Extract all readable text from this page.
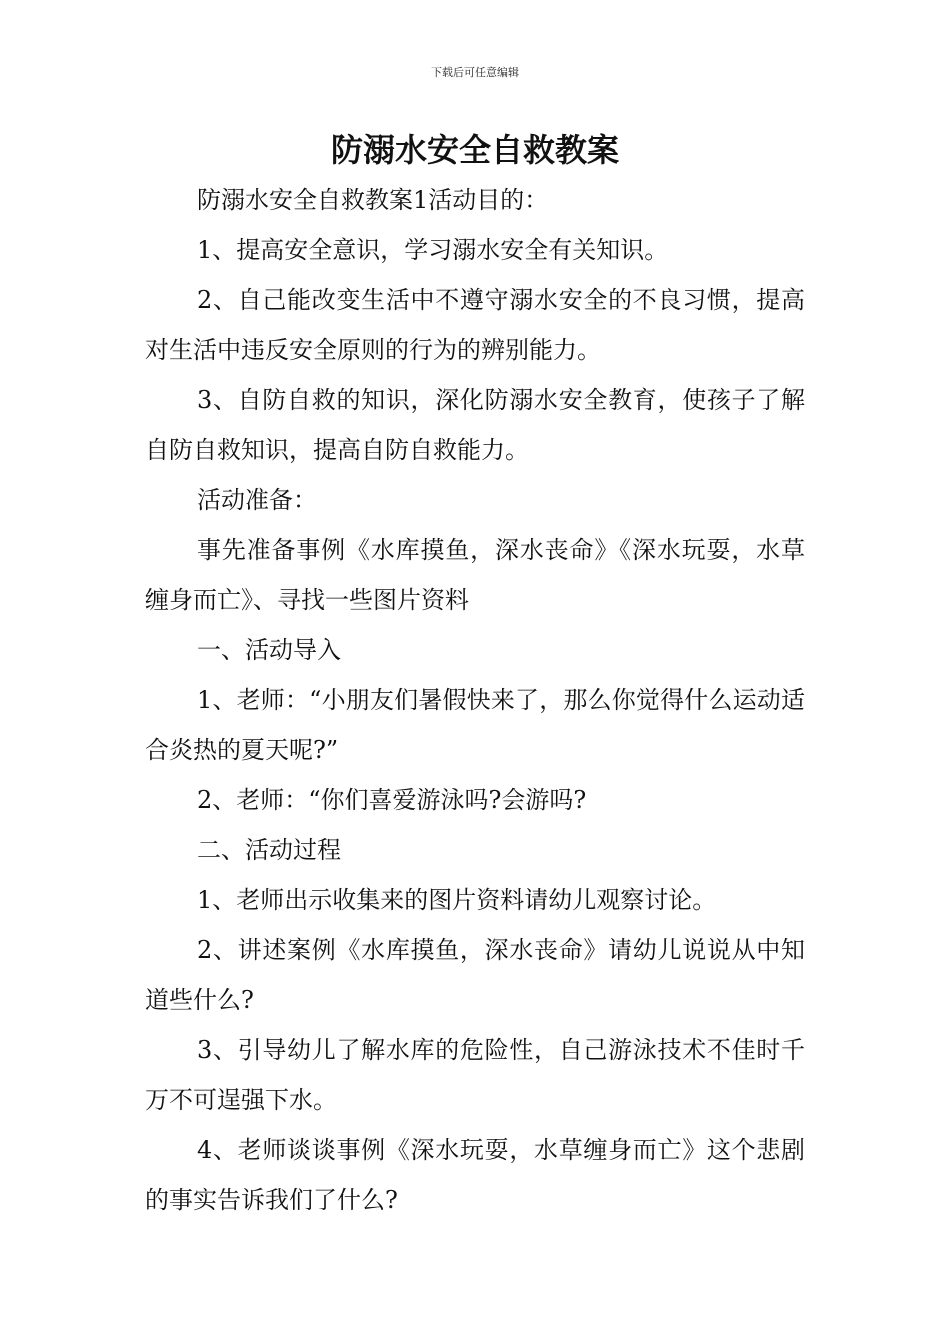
下载后可任意编辑
防溺水安全自救教案

防溺水安全自救教案1活动目的：

1、提高安全意识，学习溺水安全有关知识。

2、自己能改变生活中不遵守溺水安全的不良习惯，提高对生活中违反安全原则的行为的辨别能力。

3、自防自救的知识，深化防溺水安全教育，使孩子了解自防自救知识，提高自防自救能力。

活动准备：

事先准备事例《水库摸鱼，深水丧命》《深水玩耍，水草缠身而亡》、寻找一些图片资料

一、活动导入

1、老师：“小朋友们暑假快来了，那么你觉得什么运动适合炎热的夏天呢?”

2、老师：“你们喜爱游泳吗?会游吗?

二、活动过程

1、老师出示收集来的图片资料请幼儿观察讨论。

2、讲述案例《水库摸鱼，深水丧命》请幼儿说说从中知道些什么?

3、引导幼儿了解水库的危险性，自己游泳技术不佳时千万不可逞强下水。

4、老师谈谈事例《深水玩耍，水草缠身而亡》这个悲剧的事实告诉我们了什么?
